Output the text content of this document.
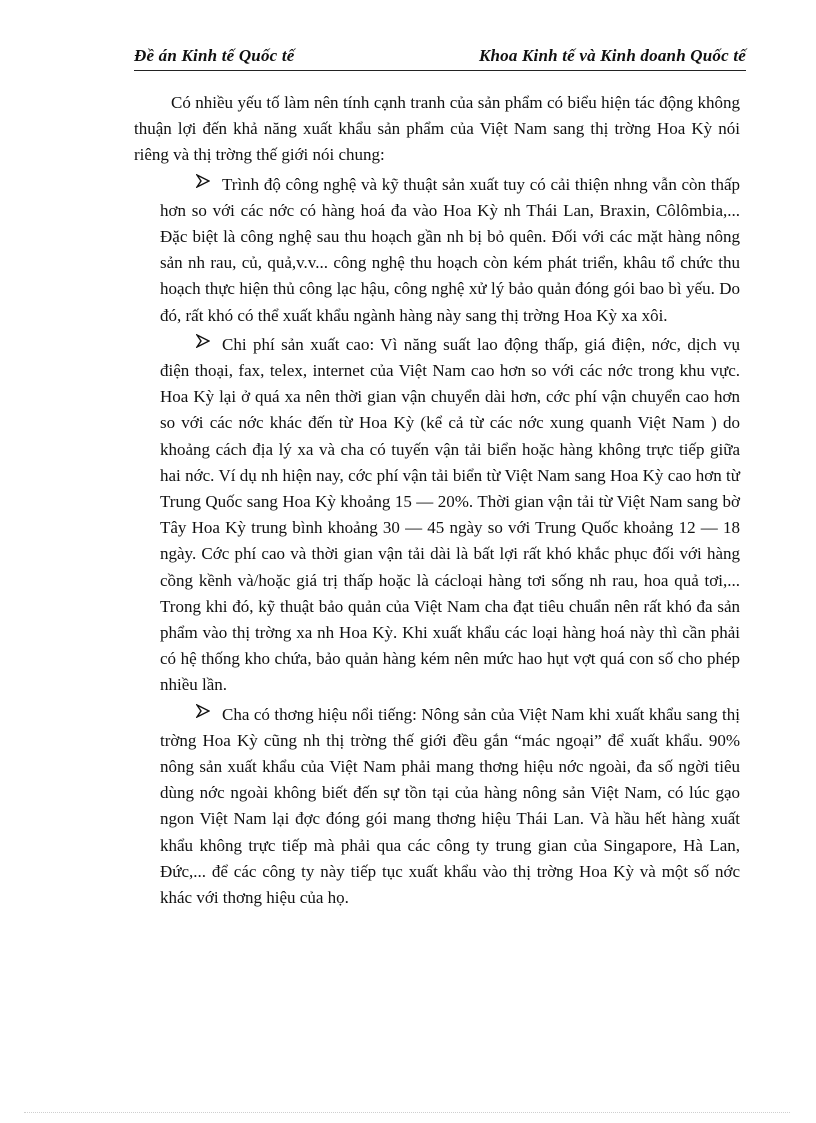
Đề án Kinh tế Quốc tế	Khoa Kinh tế và Kinh doanh Quốc tế

Có nhiều yếu tố làm nên tính cạnh tranh của sản phẩm có biểu hiện tác động không thuận lợi đến khả năng xuất khẩu sản phẩm của Việt Nam sang thị trờng Hoa Kỳ nói riêng và thị trờng thế giới nói chung:

Trình độ công nghệ và kỹ thuật sản xuất tuy có cải thiện nhng vẫn còn thấp hơn so với các nớc có hàng hoá đa vào Hoa Kỳ nh Thái Lan, Braxin, Côlômbia,... Đặc biệt là công nghệ sau thu hoạch gần nh bị bỏ quên. Đối với các mặt hàng nông sản nh rau, củ, quả,v.v... công nghệ thu hoạch còn kém phát triển, khâu tổ chức thu hoạch thực hiện thủ công lạc hậu, công nghệ xử lý bảo quản đóng gói bao bì yếu. Do đó, rất khó có thể xuất khẩu ngành hàng này sang thị trờng Hoa Kỳ xa xôi.

Chi phí sản xuất cao: Vì năng suất lao động thấp, giá điện, nớc, dịch vụ điện thoại, fax, telex, internet của Việt Nam cao hơn so với các nớc trong khu vực. Hoa Kỳ lại ở quá xa nên thời gian vận chuyển dài hơn, cớc phí vận chuyển cao hơn so với các nớc khác đến từ Hoa Kỳ (kể cả từ các nớc xung quanh Việt Nam ) do khoảng cách địa lý xa và cha có tuyến vận tải biển hoặc hàng không trực tiếp giữa hai nớc. Ví dụ nh hiện nay, cớc phí vận tải biển từ Việt Nam sang Hoa Kỳ cao hơn từ Trung Quốc sang Hoa Kỳ khoảng 15 — 20%. Thời gian vận tải từ Việt Nam sang bờ Tây Hoa Kỳ trung bình khoảng 30 — 45 ngày so với Trung Quốc khoảng 12 — 18 ngày. Cớc phí cao và thời gian vận tải dài là bất lợi rất khó khắc phục đối với hàng cồng kềnh và/hoặc giá trị thấp hoặc là cácloại hàng tơi sống nh rau, hoa quả tơi,... Trong khi đó, kỹ thuật bảo quản của Việt Nam cha đạt tiêu chuẩn nên rất khó đa sản phẩm vào thị trờng xa nh Hoa Kỳ. Khi xuất khẩu các loại hàng hoá này thì cần phải có hệ thống kho chứa, bảo quản hàng kém nên mức hao hụt vợt quá con số cho phép nhiều lần.

Cha có thơng hiệu nổi tiếng: Nông sản của Việt Nam khi xuất khẩu sang thị trờng Hoa Kỳ cũng nh thị trờng thế giới đều gắn “mác ngoại” để xuất khẩu. 90% nông sản xuất khẩu của Việt Nam phải mang thơng hiệu nớc ngoài, đa số ngời tiêu dùng nớc ngoài không biết đến sự tồn tại của hàng nông sản Việt Nam, có lúc gạo ngon Việt Nam lại đợc đóng gói mang thơng hiệu Thái Lan. Và hầu hết hàng xuất khẩu không trực tiếp mà phải qua các công ty trung gian của Singapore, Hà Lan, Đức,... để các công ty này tiếp tục xuất khẩu vào thị trờng Hoa Kỳ và một số nớc khác với thơng hiệu của họ.
